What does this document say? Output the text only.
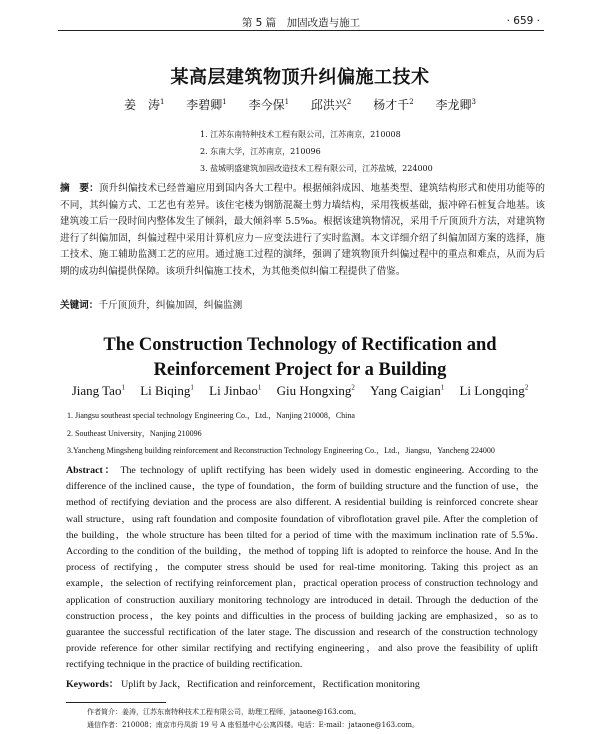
第 5 篇　加固改造与施工	· 659 ·
某高层建筑物顶升纠偏施工技术
姜　涛$^1$ 李碧卿$^1$ 李今保$^1$ 邱洪兴$^2$ 杨才千$^2$ 李龙卿$^3$
1. 江苏东南特种技术工程有限公司，江苏南京，210008
2. 东南大学，江苏南京，210096
3. 盐城明盛建筑加固改造技术工程有限公司，江苏盐城，224000
摘　要：顶升纠偏技术已经普遍应用到国内各大工程中。根据倾斜成因、地基类型、建筑结构形式和使用功能等的不同，其纠偏方式、工艺也有差异。该住宅楼为钢筋混凝土剪力墙结构，采用筏板基础，振冲碎石桩复合地基。该建筑竣工后一段时间内整体发生了倾斜，最大倾斜率 5.5‰。根据该建筑物情况，采用千斤顶顶升方法，对建筑物进行了纠偏加固，纠偏过程中采用计算机应力－应变法进行了实时监测。本文详细介绍了纠偏加固方案的选择，施工技术、施工辅助监测工艺的应用。通过施工过程的演绎，强调了建筑物顶升纠偏过程中的重点和难点，从而为后期的成功纠偏提供保障。该项升纠偏施工技术，为其他类似纠偏工程提供了借鉴。
关键词：千斤顶顶升，纠偏加固，纠偏监测
The Construction Technology of Rectification and
Reinforcement Project for a Building
Jiang Tao$^1$ Li Biqing$^1$ Li Jinbao$^1$ Giu Hongxing$^2$ Yang Caigian$^1$ Li Longqing$^2$
1. Jiangsu southeast special technology Engineering Co.，Ltd.，Nanjing 210008，China
2. Southeast University，Nanjing 210096
3.Yancheng Mingsheng building reinforcement and Reconstruction Technology Engineering Co.，Ltd.，Jiangsu，Yancheng 224000
Abstract： The technology of uplift rectifying has been widely used in domestic engineering. According to the difference of the inclined cause，the type of foundation，the form of building structure and the function of use，the method of rectifying deviation and the process are also different. A residential building is reinforced concrete shear wall structure，using raft foundation and composite foundation of vibroflotation gravel pile. After the completion of the building，the whole structure has been tilted for a period of time with the maximum inclination rate of 5.5‰. According to the condition of the building，the method of topping lift is adopted to reinforce the house. And In the process of rectifying，the computer stress should be used for real-time monitoring. Taking this project as an example，the selection of rectifying reinforcement plan，practical operation process of construction technology and application of construction auxiliary monitoring technology are introduced in detail. Through the deduction of the construction process，the key points and difficulties in the process of building jacking are emphasized，so as to guarantee the successful rectification of the later stage. The discussion and research of the construction technology provide reference for other similar rectifying and rectifying engineering，and also prove the feasibility of uplift rectifying technique in the practice of building rectification.
Keywords： Uplift by Jack，Rectification and reinforcement，Rectification monitoring
作者简介：姜涛，江苏东南特种技术工程有限公司，助理工程师，jataone@163.com。
通信作者：210008；南京市丹凤街 19 号 A 座恒基中心公寓四楼。电话：E-mail：jataone@163.com。
